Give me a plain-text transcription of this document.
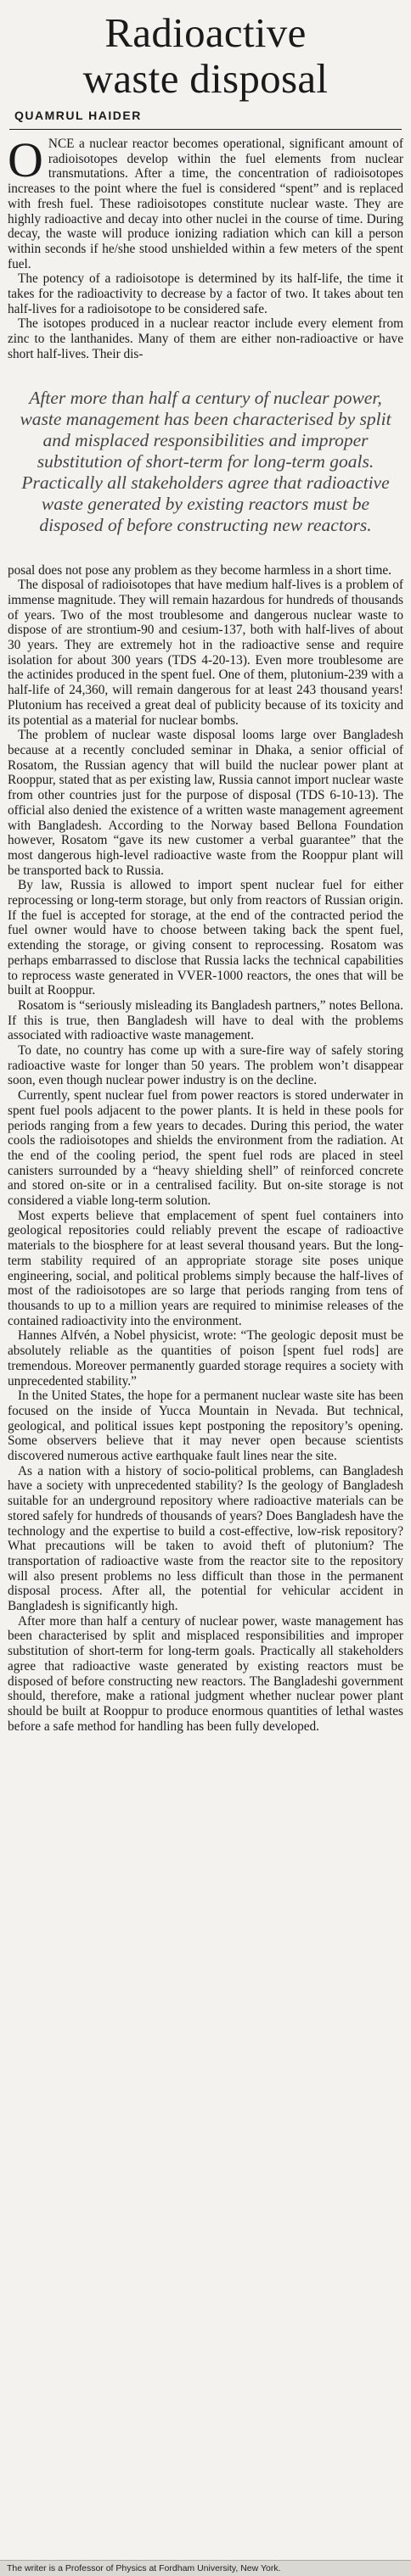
Radioactive
waste disposal
QUAMRUL HAIDER

ONCE a nuclear reactor becomes operational, significant amount of radioisotopes develop within the fuel elements from nuclear transmutations. After a time, the concentration of radioisotopes increases to the point where the fuel is considered “spent” and is replaced with fresh fuel. These radioisotopes constitute nuclear waste. They are highly radioactive and decay into other nuclei in the course of time. During decay, the waste will produce ionizing radiation which can kill a person within seconds if he/she stood unshielded within a few meters of the spent fuel.

The potency of a radioisotope is determined by its half-life, the time it takes for the radioactivity to decrease by a factor of two. It takes about ten half-lives for a radioisotope to be considered safe.

The isotopes produced in a nuclear reactor include every element from zinc to the lanthanides. Many of them are either non-radioactive or have short half-lives. Their dis-

After more than half a century of nuclear power, waste management has been characterised by split and misplaced responsibilities and improper substitution of short-term for long-term goals. Practically all stakeholders agree that radioactive waste generated by existing reactors must be disposed of before constructing new reactors.

posal does not pose any problem as they become harmless in a short time.

The disposal of radioisotopes that have medium half-lives is a problem of immense magnitude. They will remain hazardous for hundreds of thousands of years. Two of the most troublesome and dangerous nuclear waste to dispose of are strontium-90 and cesium-137, both with half-lives of about 30 years. They are extremely hot in the radioactive sense and require isolation for about 300 years (TDS 4-20-13). Even more troublesome are the actinides produced in the spent fuel. One of them, plutonium-239 with a half-life of 24,360, will remain dangerous for at least 243 thousand years! Plutonium has received a great deal of publicity because of its toxicity and its potential as a material for nuclear bombs.

The problem of nuclear waste disposal looms large over Bangladesh because at a recently concluded seminar in Dhaka, a senior official of Rosatom, the Russian agency that will build the nuclear power plant at Rooppur, stated that as per existing law, Russia cannot import nuclear waste from other countries just for the purpose of disposal (TDS 6-10-13). The official also denied the existence of a written waste management agreement with Bangladesh. According to the Norway based Bellona Foundation however, Rosatom “gave its new customer a verbal guarantee” that the most dangerous high-level radioactive waste from the Rooppur plant will be transported back to Russia.

By law, Russia is allowed to import spent nuclear fuel for either reprocessing or long-term storage, but only from reactors of Russian origin. If the fuel is accepted for storage, at the end of the contracted period the fuel owner would have to choose between taking back the spent fuel, extending the storage, or giving consent to reprocessing. Rosatom was perhaps embarrassed to disclose that Russia lacks the technical capabilities to reprocess waste generated in VVER-1000 reactors, the ones that will be built at Rooppur.

Rosatom is “seriously misleading its Bangladesh partners,” notes Bellona. If this is true, then Bangladesh will have to deal with the problems associated with radioactive waste management.

To date, no country has come up with a sure-fire way of safely storing radioactive waste for longer than 50 years. The problem won’t disappear soon, even though nuclear power industry is on the decline.

Currently, spent nuclear fuel from power reactors is stored underwater in spent fuel pools adjacent to the power plants. It is held in these pools for periods ranging from a few years to decades. During this period, the water cools the radioisotopes and shields the environment from the radiation. At the end of the cooling period, the spent fuel rods are placed in steel canisters surrounded by a “heavy shielding shell” of reinforced concrete and stored on-site or in a centralised facility. But on-site storage is not considered a viable long-term solution.

Most experts believe that emplacement of spent fuel containers into geological repositories could reliably prevent the escape of radioactive materials to the biosphere for at least several thousand years. But the long-term stability required of an appropriate storage site poses unique engineering, social, and political problems simply because the half-lives of most of the radioisotopes are so large that periods ranging from tens of thousands to up to a million years are required to minimise releases of the contained radioactivity into the environment.

Hannes Alfvén, a Nobel physicist, wrote: “The geologic deposit must be absolutely reliable as the quantities of poison [spent fuel rods] are tremendous. Moreover permanently guarded storage requires a society with unprecedented stability.”

In the United States, the hope for a permanent nuclear waste site has been focused on the inside of Yucca Mountain in Nevada. But technical, geological, and political issues kept postponing the repository’s opening. Some observers believe that it may never open because scientists discovered numerous active earthquake fault lines near the site.

As a nation with a history of socio-political problems, can Bangladesh have a society with unprecedented stability? Is the geology of Bangladesh suitable for an underground repository where radioactive materials can be stored safely for hundreds of thousands of years? Does Bangladesh have the technology and the expertise to build a cost-effective, low-risk repository? What precautions will be taken to avoid theft of plutonium? The transportation of radioactive waste from the reactor site to the repository will also present problems no less difficult than those in the permanent disposal process. After all, the potential for vehicular accident in Bangladesh is significantly high.

After more than half a century of nuclear power, waste management has been characterised by split and misplaced responsibilities and improper substitution of short-term for long-term goals. Practically all stakeholders agree that radioactive waste generated by existing reactors must be disposed of before constructing new reactors. The Bangladeshi government should, therefore, make a rational judgment whether nuclear power plant should be built at Rooppur to produce enormous quantities of lethal wastes before a safe method for handling has been fully developed.

The writer is a Professor of Physics at Fordham University, New York.
